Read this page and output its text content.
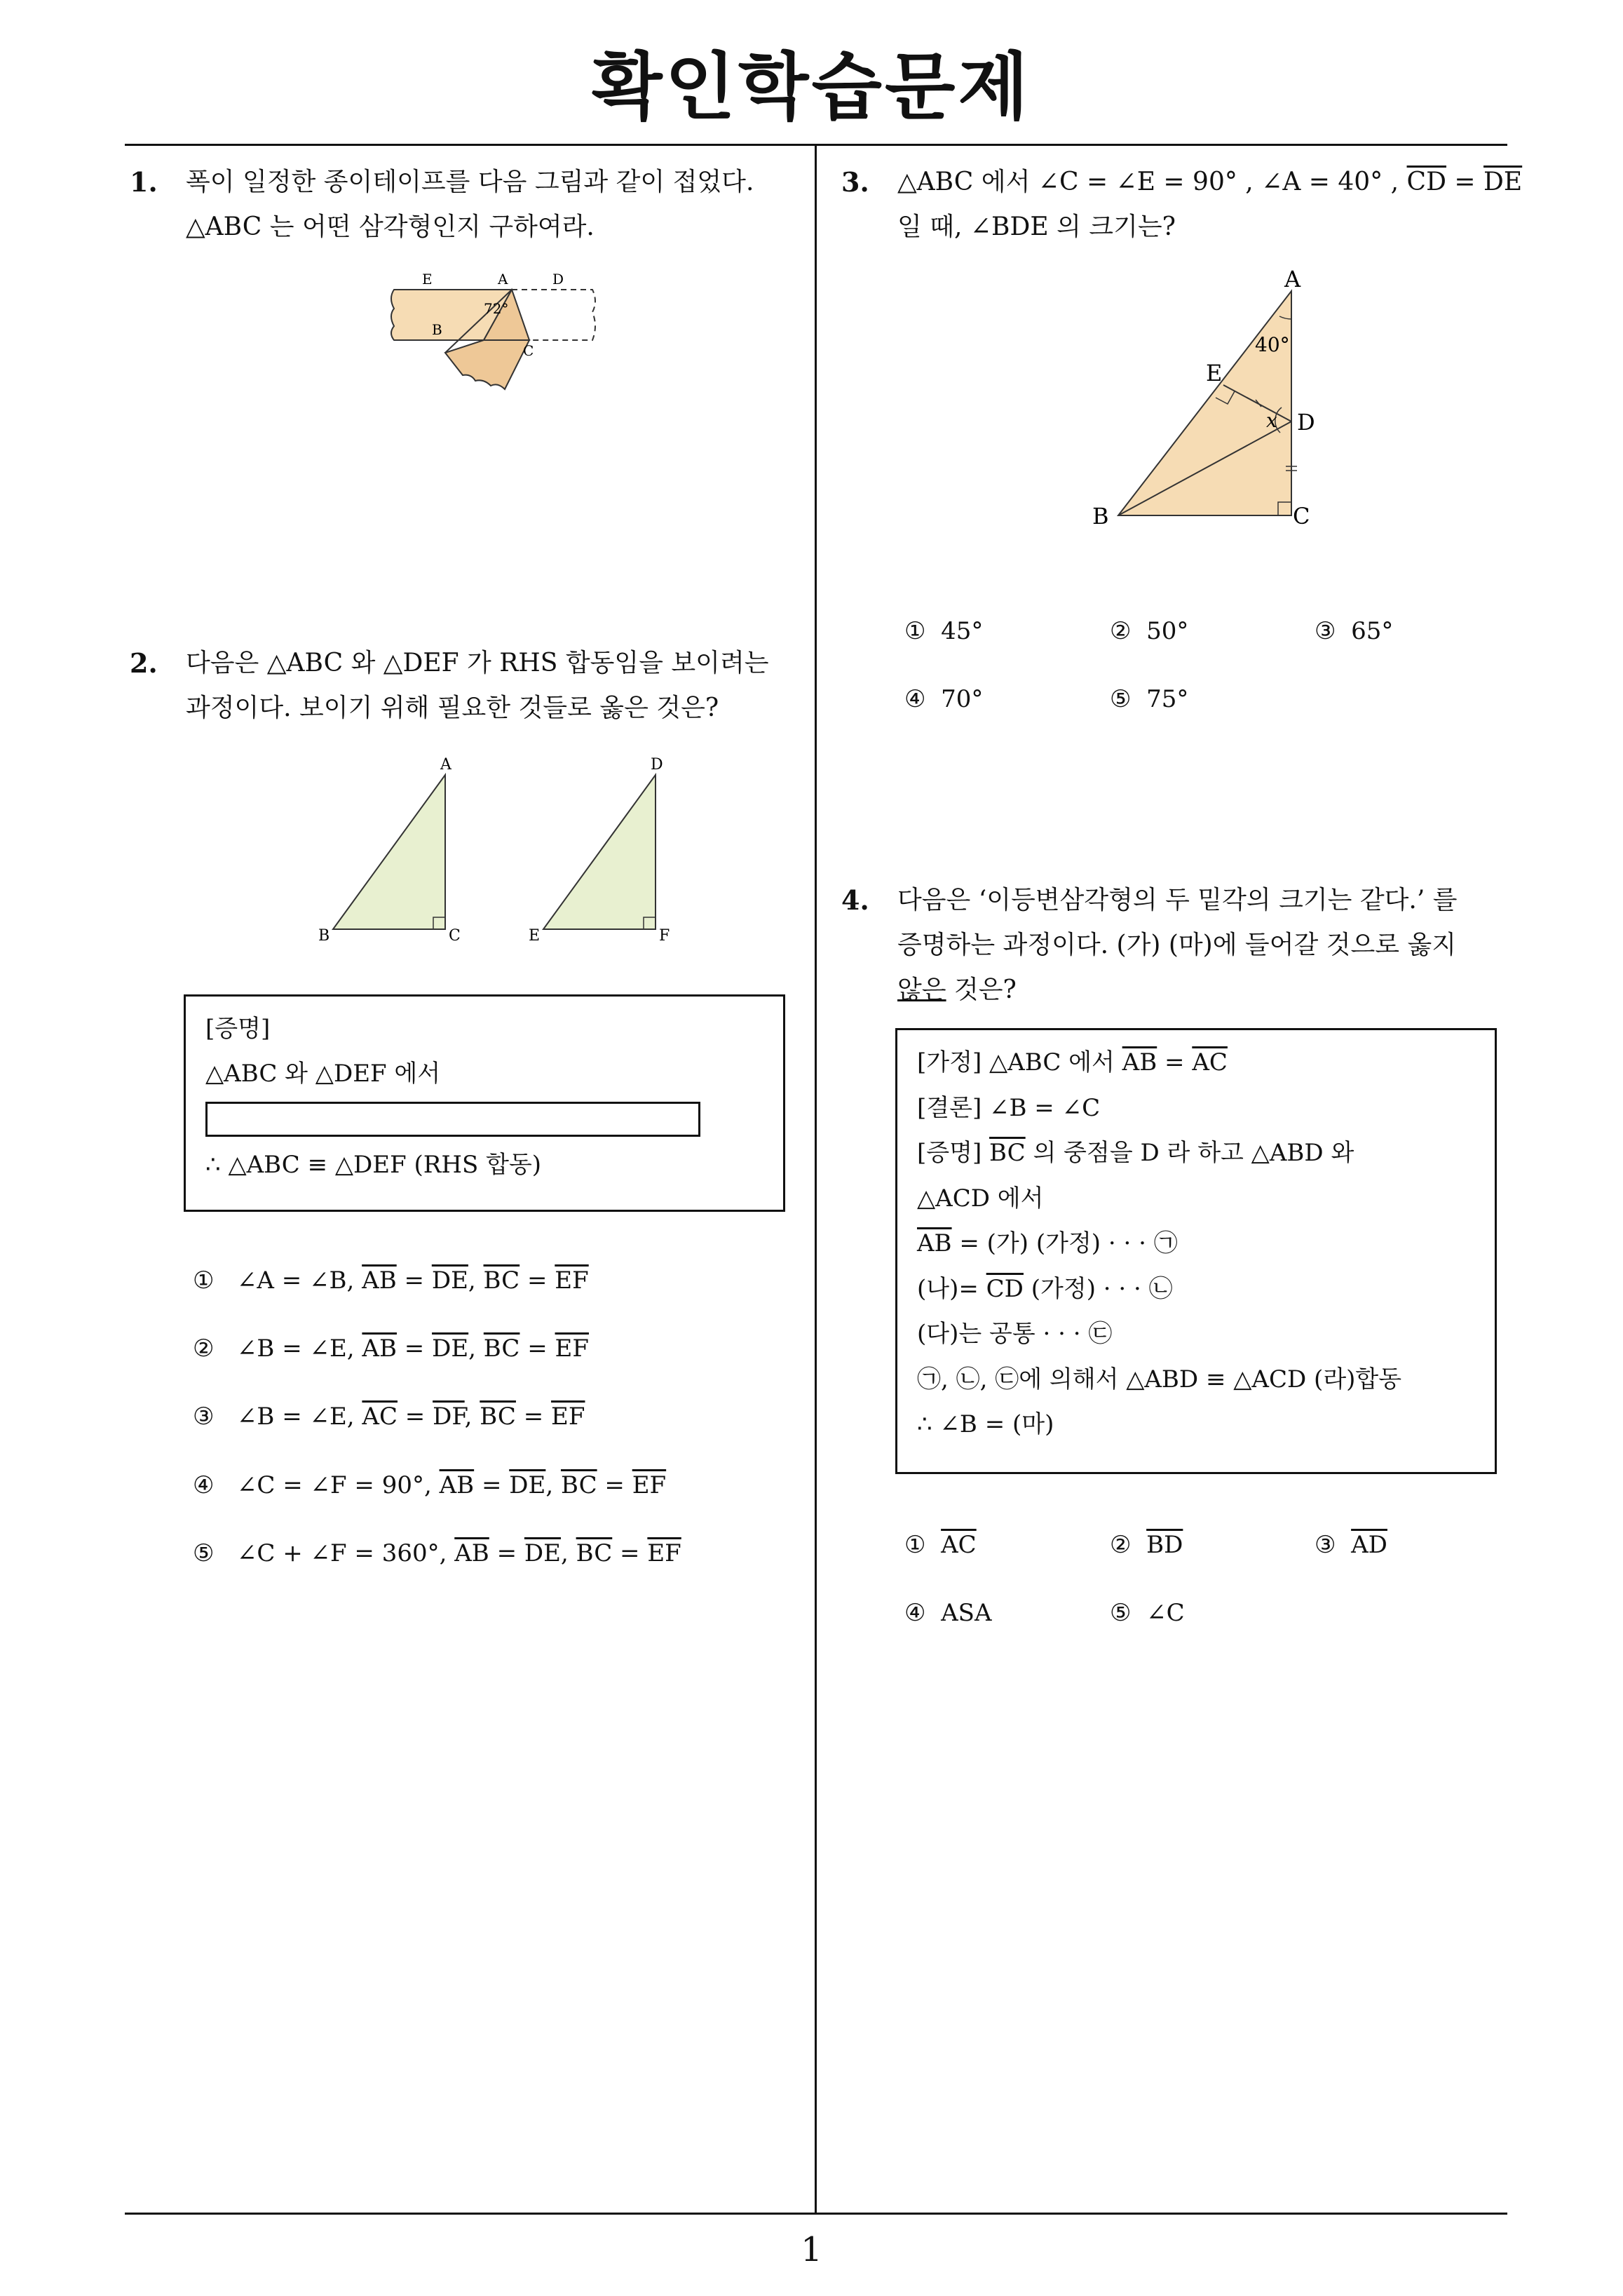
확인학습문제
1
1. 폭이 일정한 종이테이프를 다음 그림과 같이 접었다.
△ABC 는 어떤 삼각형인지 구하여라.
E	A	D
B
C
72°
2. 다음은 △ABC 와 △DEF 가 RHS 합동임을 보이려는
과정이다. 보이기 위해 필요한 것들로 옳은 것은?
A
B	C
D
E	F
[증명]
△ABC 와 △DEF 에서
∴ △ABC ≡ △DEF (RHS 합동)
① ∠A = ∠B, $\overline{AB} = \overline{DE}$, $\overline{BC} = \overline{EF}$
② ∠B = ∠E, $\overline{AB} = \overline{DE}$, $\overline{BC} = \overline{EF}$
③ ∠B = ∠E, $\overline{AC} = \overline{DF}$, $\overline{BC} = \overline{EF}$
④ ∠C = ∠F = 90°, $\overline{AB} = \overline{DE}$, $\overline{BC} = \overline{EF}$
⑤ ∠C + ∠F = 360°, $\overline{AB} = \overline{DE}$, $\overline{BC} = \overline{EF}$
3. △ABC 에서 ∠C = ∠E = 90° , ∠A = 40° , $\overline{CD} = \overline{DE}$
일 때, ∠BDE 의 크기는?
A
E
D
B	C
40°
x
① 45°	② 50°	③ 65°
④ 70°	⑤ 75°
4. 다음은 ‘이등변삼각형의 두 밑각의 크기는 같다.’ 를
증명하는 과정이다. (가) (마)에 들어갈 것으로 옳지
않은 것은?
[가정] △ABC 에서 $\overline{AB} = \overline{AC}$
[결론] ∠B = ∠C
[증명] $\overline{BC}$ 의 중점을 D 라 하고 △ABD 와
△ACD 에서
$\overline{AB}$ = (가) (가정) · · · ㉠
(나)= $\overline{CD}$ (가정) · · · ㉡
(다)는 공통 · · · ㉢
㉠, ㉡, ㉢에 의해서 △ABD ≡ △ACD (라)합동
∴ ∠B = (마)
① $\overline{AC}$	② $\overline{BD}$	③ $\overline{AD}$
④ ASA	⑤ ∠C
